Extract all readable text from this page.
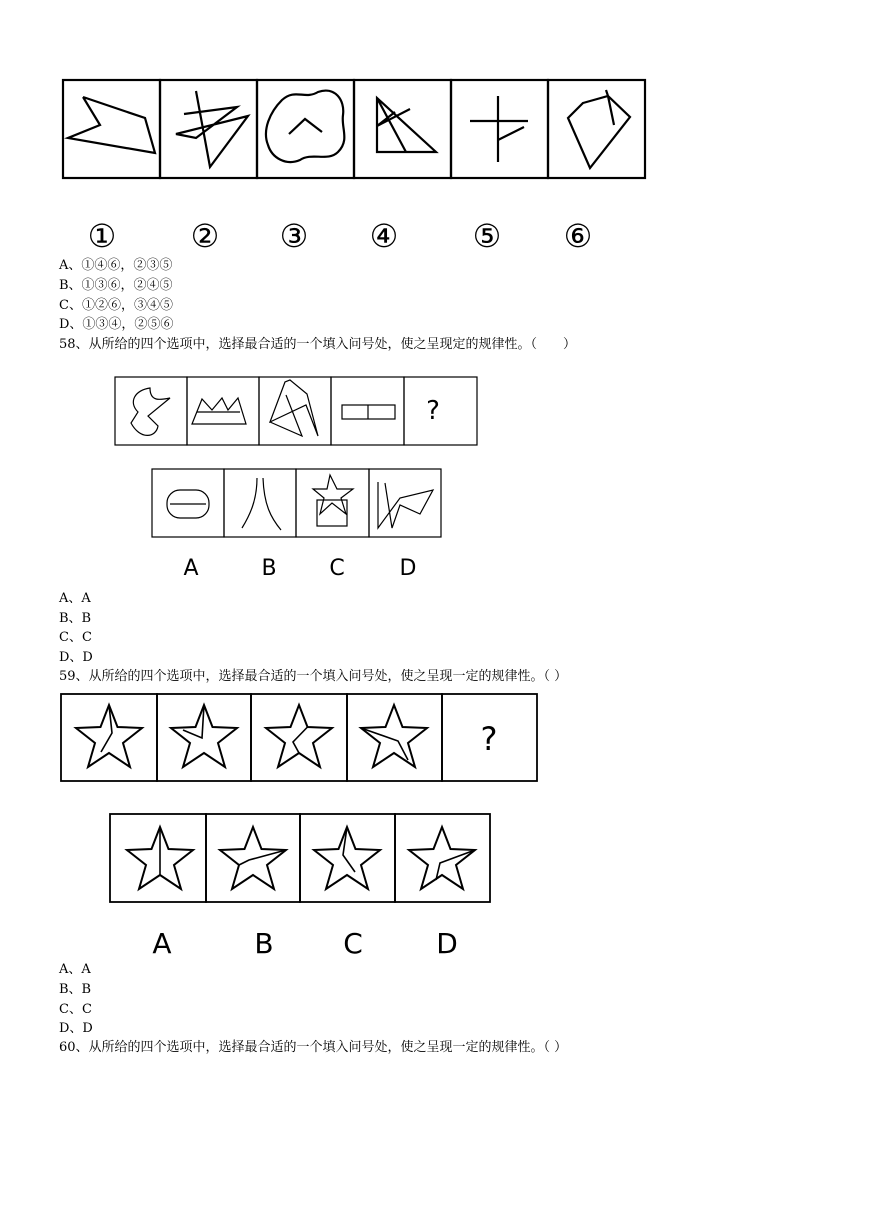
① ② ③ ④ ⑤ ⑥
A、①④⑥，②③⑤
B、①③⑥，②④⑤
C、①②⑥，③④⑤
D、①③④，②⑤⑥
58、从所给的四个选项中，选择最合适的一个填入问号处，使之呈现定的规律性。（　　）
?
A	B	C	D
A、A
B、B
C、C
D、D
59、从所给的四个选项中，选择最合适的一个填入问号处，使之呈现一定的规律性。（ ）
?
A	B	C	D
A、A
B、B
C、C
D、D
60、从所给的四个选项中，选择最合适的一个填入问号处，使之呈现一定的规律性。（ ）
